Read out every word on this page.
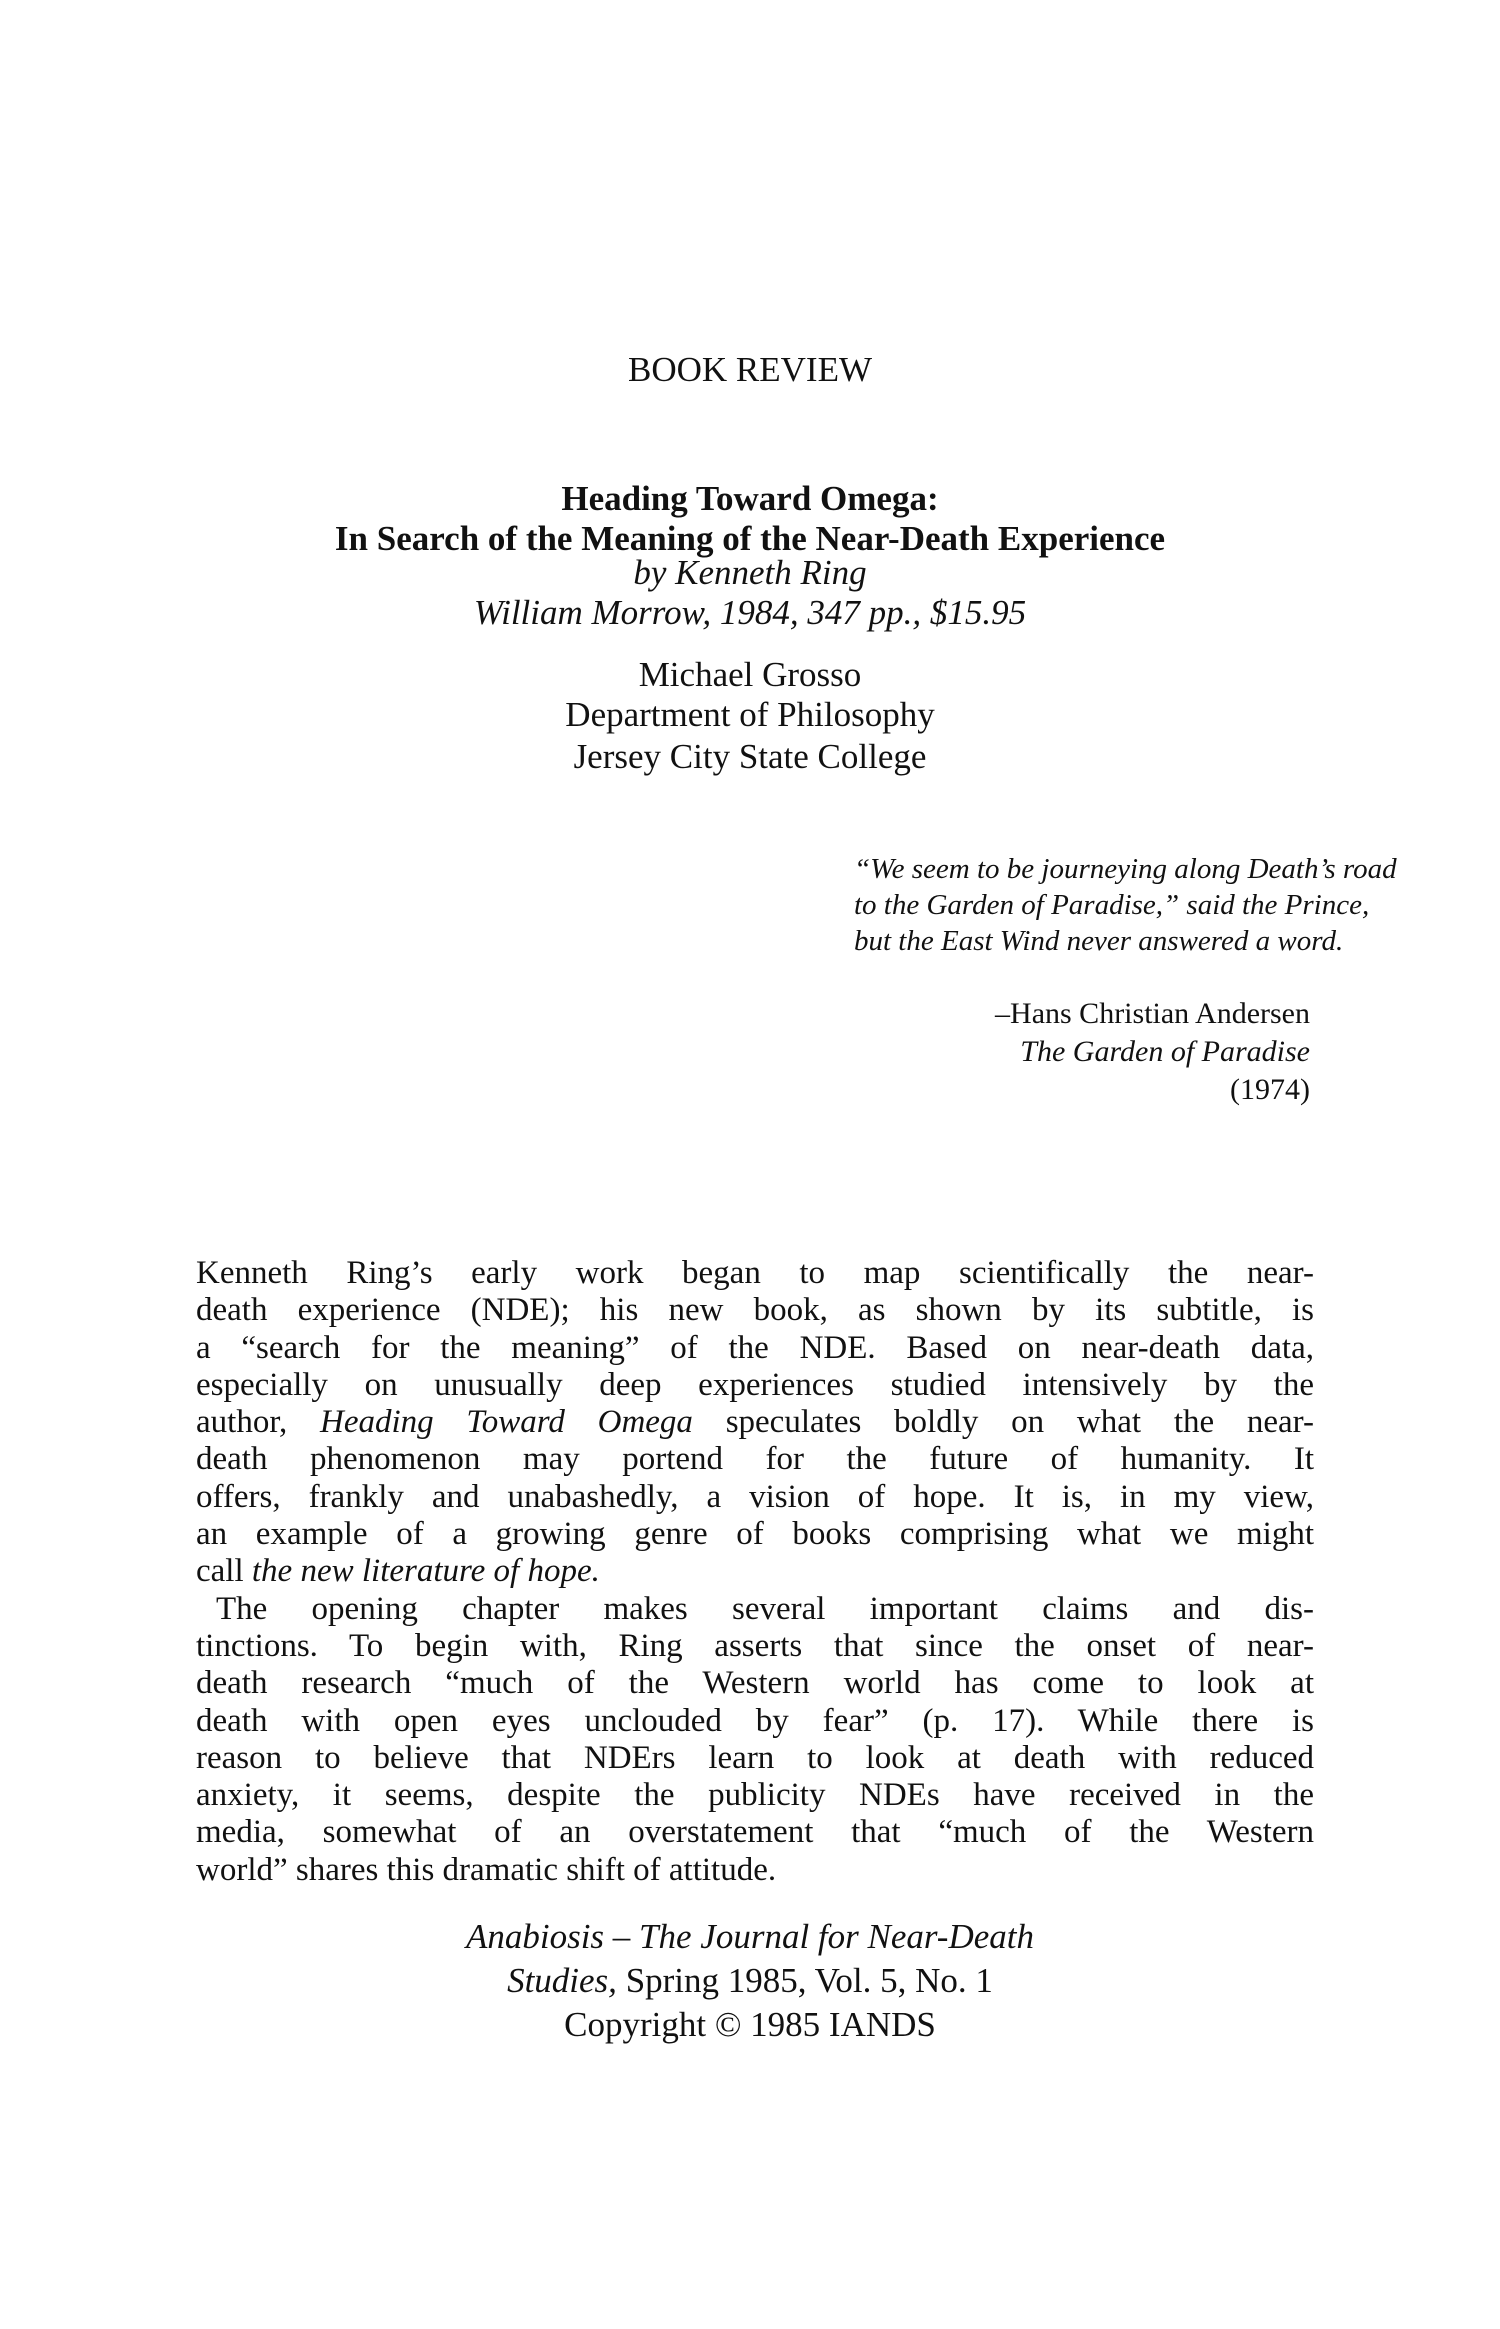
BOOK REVIEW
Heading Toward Omega:
In Search of the Meaning of the Near-Death Experience
by Kenneth Ring
William Morrow, 1984, 347 pp., $15.95
Michael Grosso
Department of Philosophy
Jersey City State College
“We seem to be journeying along Death’s road
to the Garden of Paradise,” said the Prince,
but the East Wind never answered a word.
–Hans Christian Andersen
The Garden of Paradise
(1974)
Kenneth Ring’s early work began to map scientifically the near-
death experience (NDE); his new book, as shown by its subtitle, is
a “search for the meaning” of the NDE. Based on near-death data,
especially on unusually deep experiences studied intensively by the
author, Heading Toward Omega speculates boldly on what the near-
death phenomenon may portend for the future of humanity. It
offers, frankly and unabashedly, a vision of hope. It is, in my view,
an example of a growing genre of books comprising what we might
call the new literature of hope.
The opening chapter makes several important claims and dis-
tinctions. To begin with, Ring asserts that since the onset of near-
death research “much of the Western world has come to look at
death with open eyes unclouded by fear” (p. 17). While there is
reason to believe that NDErs learn to look at death with reduced
anxiety, it seems, despite the publicity NDEs have received in the
media, somewhat of an overstatement that “much of the Western
world” shares this dramatic shift of attitude.
Anabiosis – The Journal for Near-Death
Studies, Spring 1985, Vol. 5, No. 1
Copyright © 1985 IANDS
